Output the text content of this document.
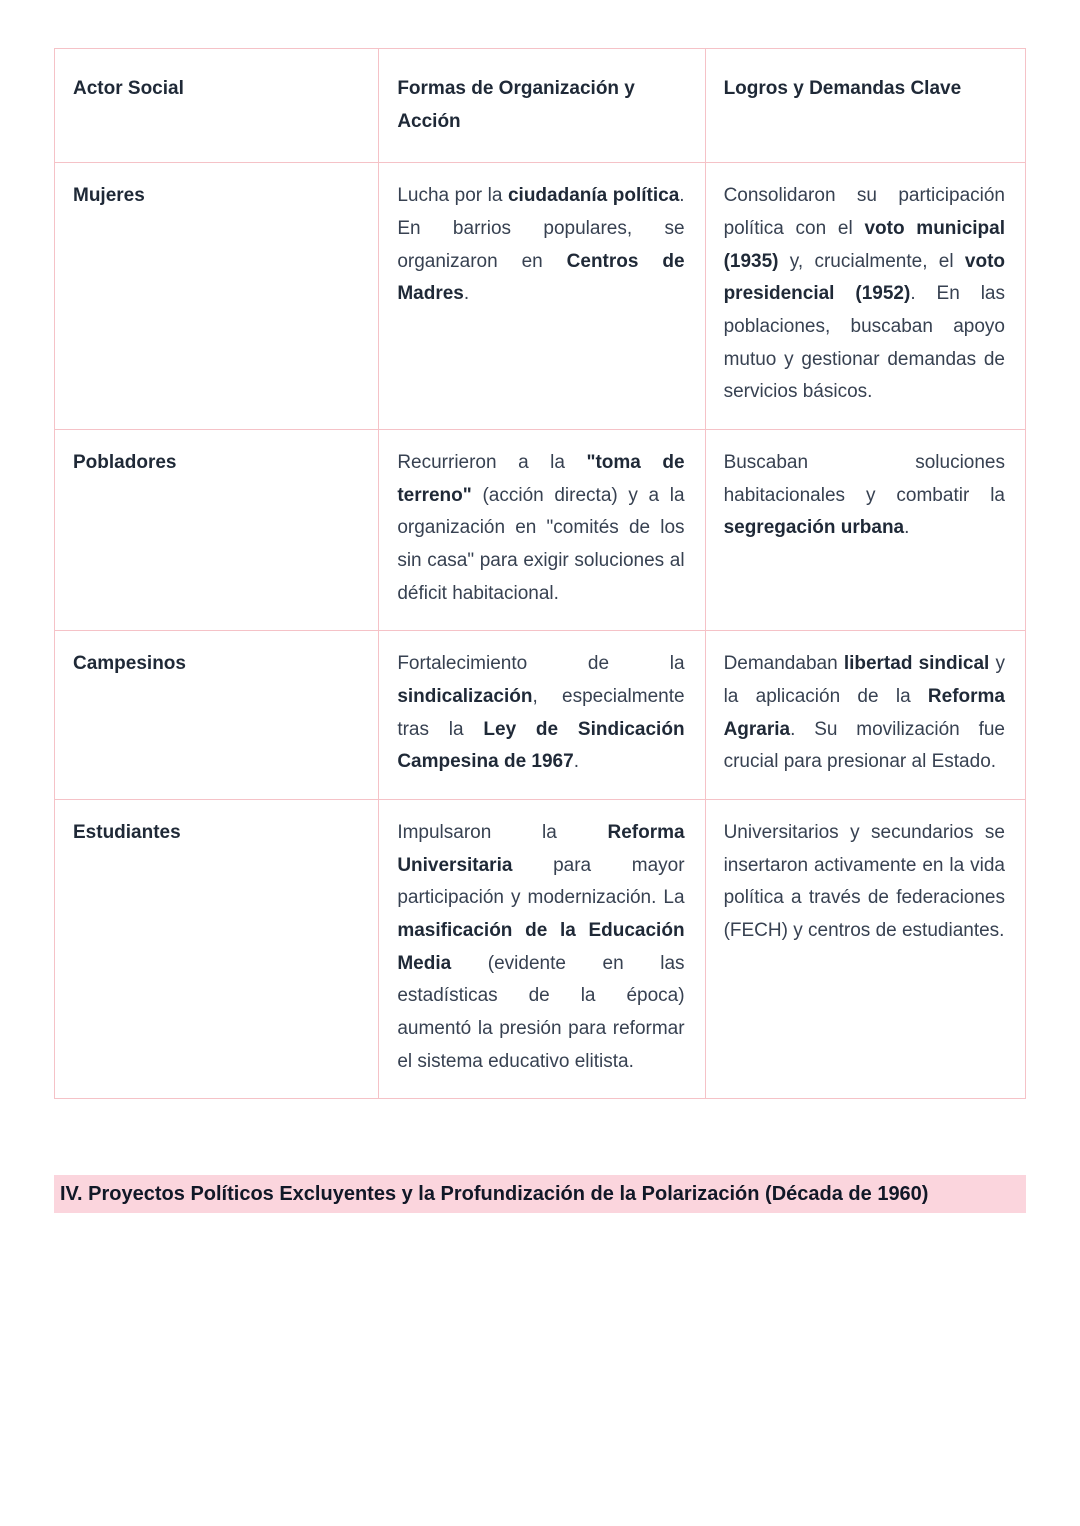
Actor Social	Formas de Organización y Acción	Logros y Demandas Clave
Mujeres	Lucha por la ciudadanía política. En barrios populares, se organizaron en Centros de Madres.	Consolidaron su participación política con el voto municipal (1935) y, crucialmente, el voto presidencial (1952). En las poblaciones, buscaban apoyo mutuo y gestionar demandas de servicios básicos.
Pobladores	Recurrieron a la "toma de terreno" (acción directa) y a la organización en "comités de los sin casa" para exigir soluciones al déficit habitacional.	Buscaban soluciones habitacionales y combatir la segregación urbana.
Campesinos	Fortalecimiento de la sindicalización, especialmente tras la Ley de Sindicación Campesina de 1967.	Demandaban libertad sindical y la aplicación de la Reforma Agraria. Su movilización fue crucial para presionar al Estado.
Estudiantes	Impulsaron la Reforma Universitaria para mayor participación y modernización. La masificación de la Educación Media (evidente en las estadísticas de la época) aumentó la presión para reformar el sistema educativo elitista.	Universitarios y secundarios se insertaron activamente en la vida política a través de federaciones (FECH) y centros de estudiantes.
IV. Proyectos Políticos Excluyentes y la Profundización de la Polarización (Década de 1960)
